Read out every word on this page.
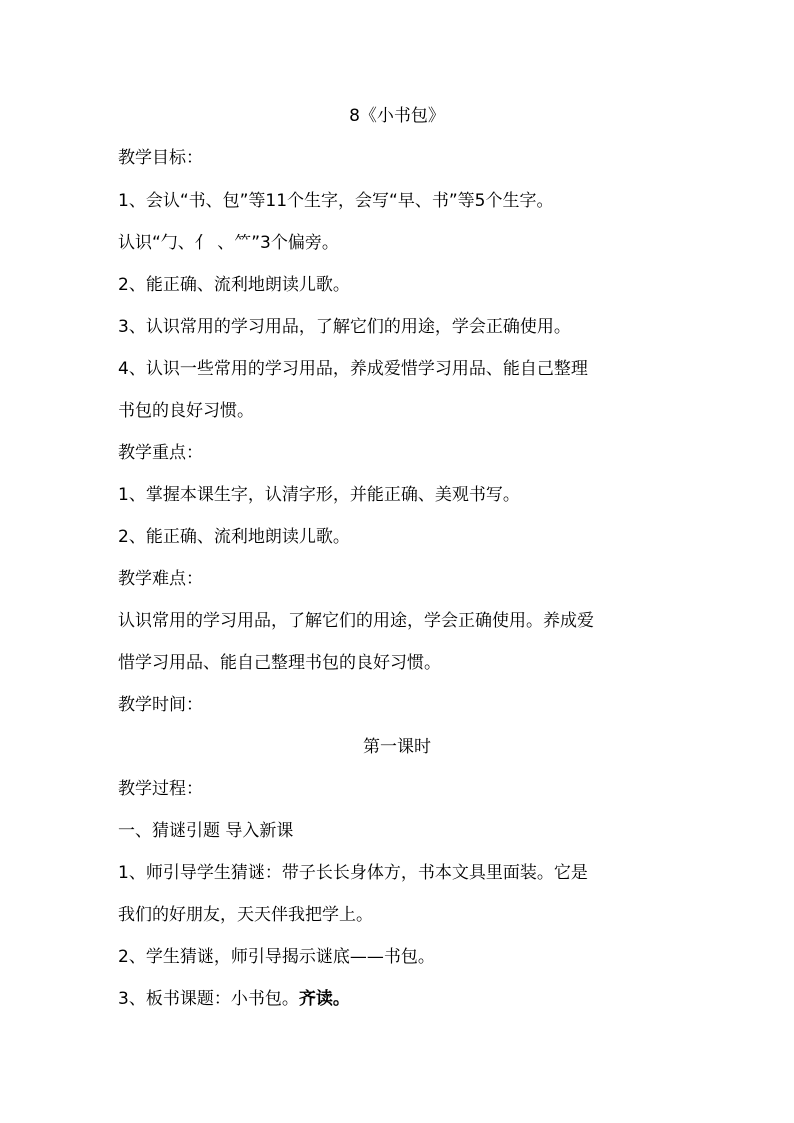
8《小书包》
教学目标：
1、会认“书、包”等11个生字，会写“早、书”等5个生字。
认识“勹、亻 、⺮”3个偏旁。
2、能正确、流利地朗读儿歌。
3、认识常用的学习用品，了解它们的用途，学会正确使用。
4、认识一些常用的学习用品，养成爱惜学习用品、能自己整理
书包的良好习惯。
教学重点：
1、掌握本课生字，认清字形，并能正确、美观书写。
2、能正确、流利地朗读儿歌。
教学难点：
认识常用的学习用品，了解它们的用途，学会正确使用。养成爱
惜学习用品、能自己整理书包的良好习惯。
教学时间：
第一课时
教学过程：
一、猜谜引题 导入新课
1、师引导学生猜谜：带子长长身体方，书本文具里面装。它是
我们的好朋友，天天伴我把学上。
2、学生猜谜，师引导揭示谜底——书包。
3、板书课题：小书包。齐读。
